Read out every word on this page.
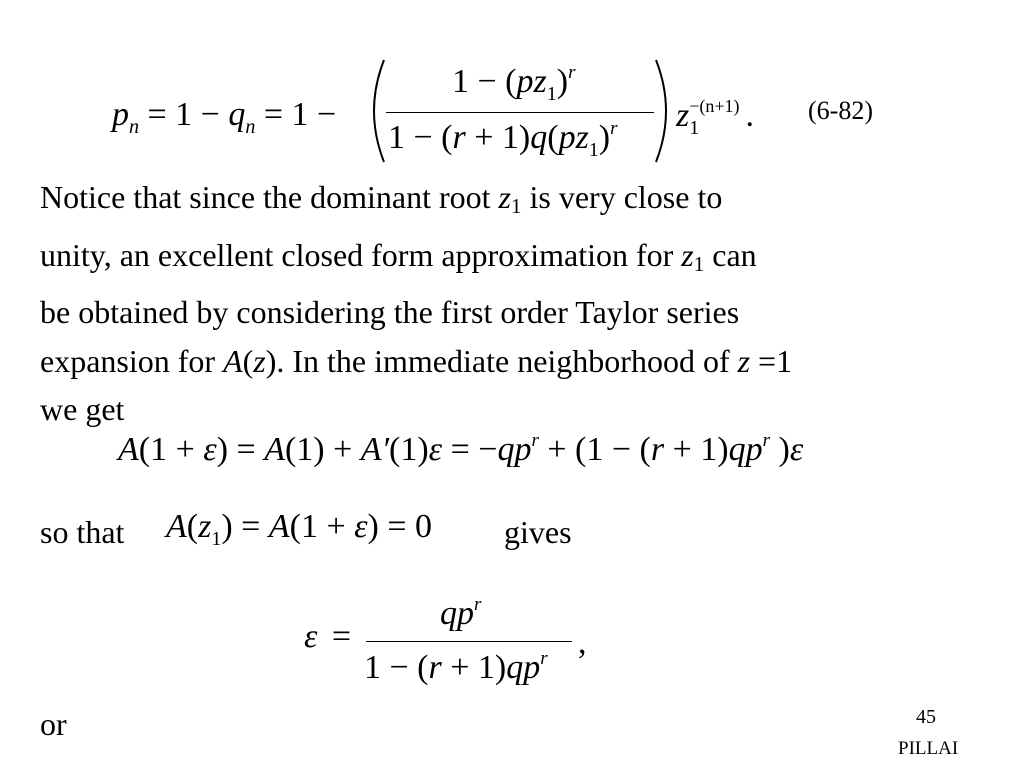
$p_n = 1 - q_n = 1$ −
$1 - (pz_1)^r$
$1 - (r + 1)q(pz_1)^r$ $z_1^{-(n+1)}$ . (6-82)
Notice that since the dominant root $z_1$ is very close to
unity, an excellent closed form approximation for $z_1$ can
be obtained by considering the first order Taylor series
expansion for A(z). In the immediate neighborhood of z =1
we get
$A(1 + \varepsilon) = A(1) + A'(1)\varepsilon = -qp^r + (1 - (r + 1)qp^r$ )ε
so that $A(z_1) = A(1 + \varepsilon) = 0$ gives
ε =
$qp^r$
$1 - (r + 1)qp^r$ ,
or	45
PILLAI
